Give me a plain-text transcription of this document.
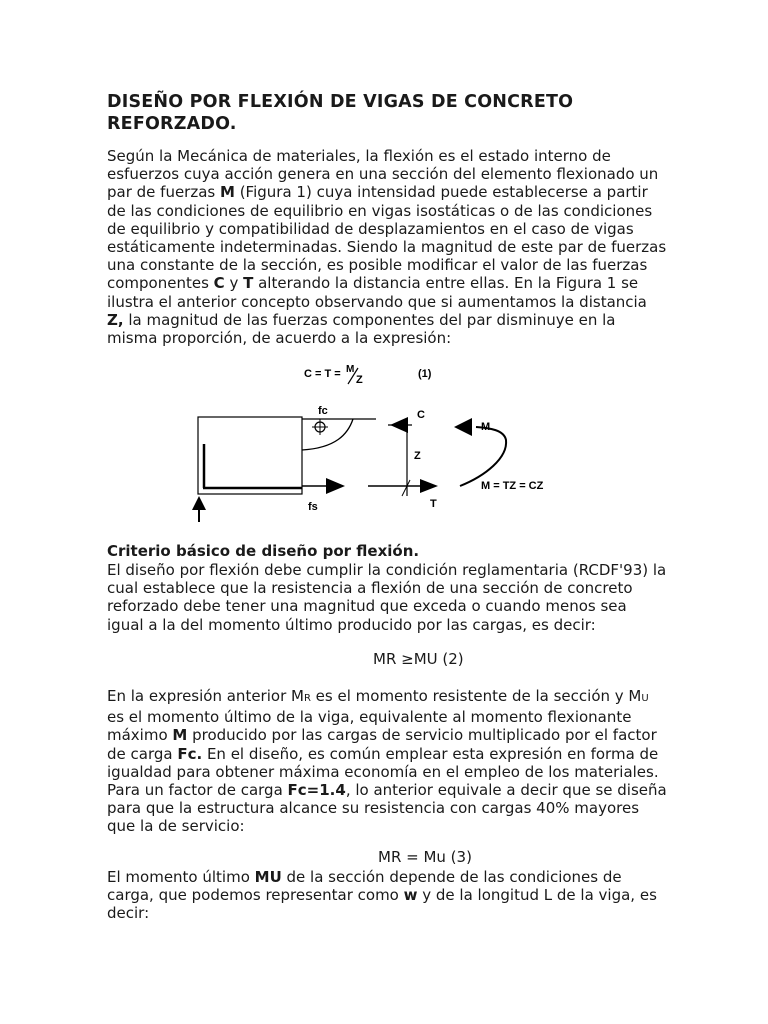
DISEÑO POR FLEXIÓN DE VIGAS DE CONCRETO REFORZADO.

Según la Mecánica de materiales, la flexión es el estado interno de esfuerzos cuya acción genera en una sección del elemento flexionado un par de fuerzas M (Figura 1) cuya intensidad puede establecerse a partir de las condiciones de equilibrio en vigas isostáticas o de las condiciones de equilibrio y compatibilidad de desplazamientos en el caso de vigas estáticamente indeterminadas. Siendo la magnitud de este par de fuerzas una constante de la sección, es posible modificar el valor de las fuerzas componentes C y T alterando la distancia entre ellas. En la Figura 1 se ilustra el anterior concepto observando que si aumentamos la distancia Z, la magnitud de las fuerzas componentes del par disminuye en la misma proporción, de acuerdo a la expresión:

C = T = M
Z	(1)
fc	C
Z
fs	T
M
M = TZ = CZ
Criterio básico de diseño por flexión.

El diseño por flexión debe cumplir la condición reglamentaria (RCDF'93) la cual establece que la resistencia a flexión de una sección de concreto reforzado debe tener una magnitud que exceda o cuando menos sea igual a la del momento último producido por las cargas, es decir:

MR ≥MU (2)

En la expresión anterior MR es el momento resistente de la sección y MU es el momento último de la viga, equivalente al momento flexionante máximo M producido por las cargas de servicio multiplicado por el factor de carga Fc. En el diseño, es común emplear esta expresión en forma de igualdad para obtener máxima economía en el empleo de los materiales. Para un factor de carga Fc=1.4, lo anterior equivale a decir que se diseña para que la estructura alcance su resistencia con cargas 40% mayores que la de servicio:

MR = Mu (3)

El momento último MU de la sección depende de las condiciones de carga, que podemos representar como w y de la longitud L de la viga, es decir:
